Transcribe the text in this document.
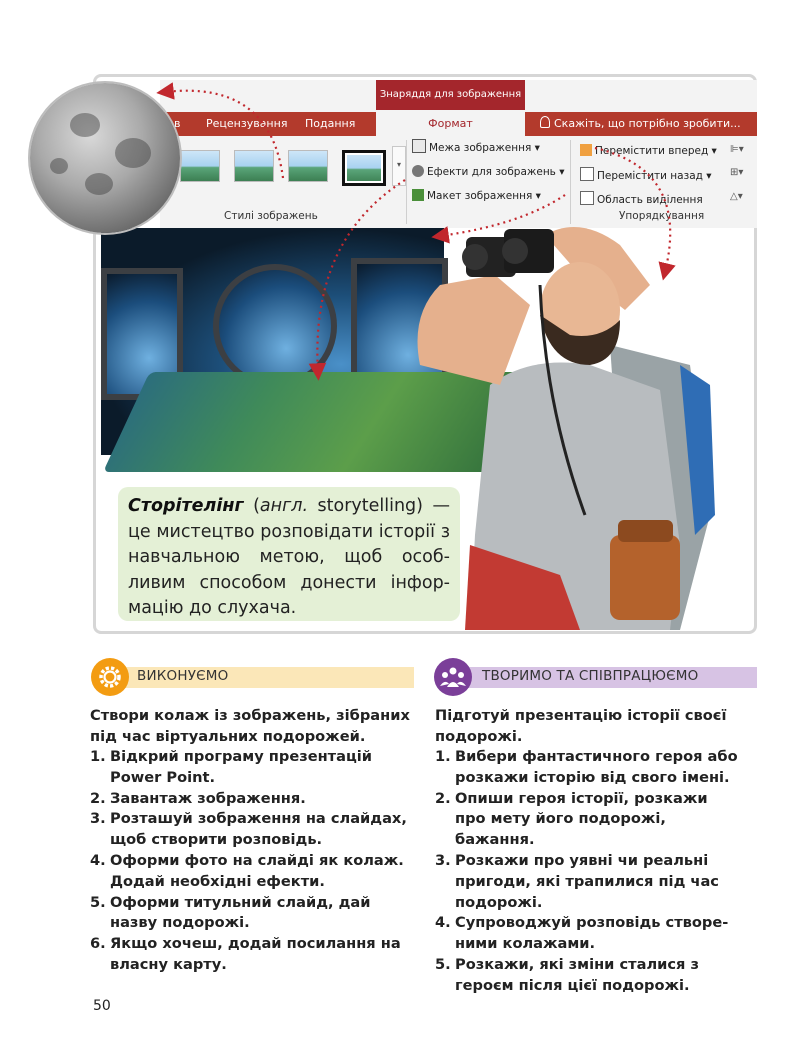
Знаряддя для зображення
в Рецензування Подання	Скажіть, що потрібно зробити...
Формат
▾
Стилі зображень
Межа зображення ▾
Ефекти для зображень ▾
Макет зображення ▾
Перемістити вперед ▾
Перемістити назад ▾
Область виділення
⊫▾
⊞▾
△▾
Упорядкування
Сторітелінг (англ. storytelling) — це мистецтво розповідати історії з навчальною метою, щоб особ-ливим способом донести інфор-мацію до слухача.
ВИКОНУЄМО
Створи колаж із зображень, зібраних під час віртуальних подорожей.
1. Відкрий програму презентацій Power Point.
2. Завантаж зображення.
3. Розташуй зображення на слайдах, щоб створити розповідь.
4. Оформи фото на слайді як колаж. Додай необхідні ефекти.
5. Оформи титульний слайд, дай назву подорожі.
6. Якщо хочеш, додай посилання на власну карту.
ТВОРИМО ТА СПІВПРАЦЮЄМО
Підготуй презентацію історії своєї подорожі.
1. Вибери фантастичного героя або розкажи історію від свого імені.
2. Опиши героя історії, розкажи про мету його подорожі, бажання.
3. Розкажи про уявні чи реальні пригоди, які трапилися під час подорожі.
4. Супроводжуй розповідь створе-ними колажами.
5. Розкажи, які зміни сталися з героєм після цієї подорожі.
50
